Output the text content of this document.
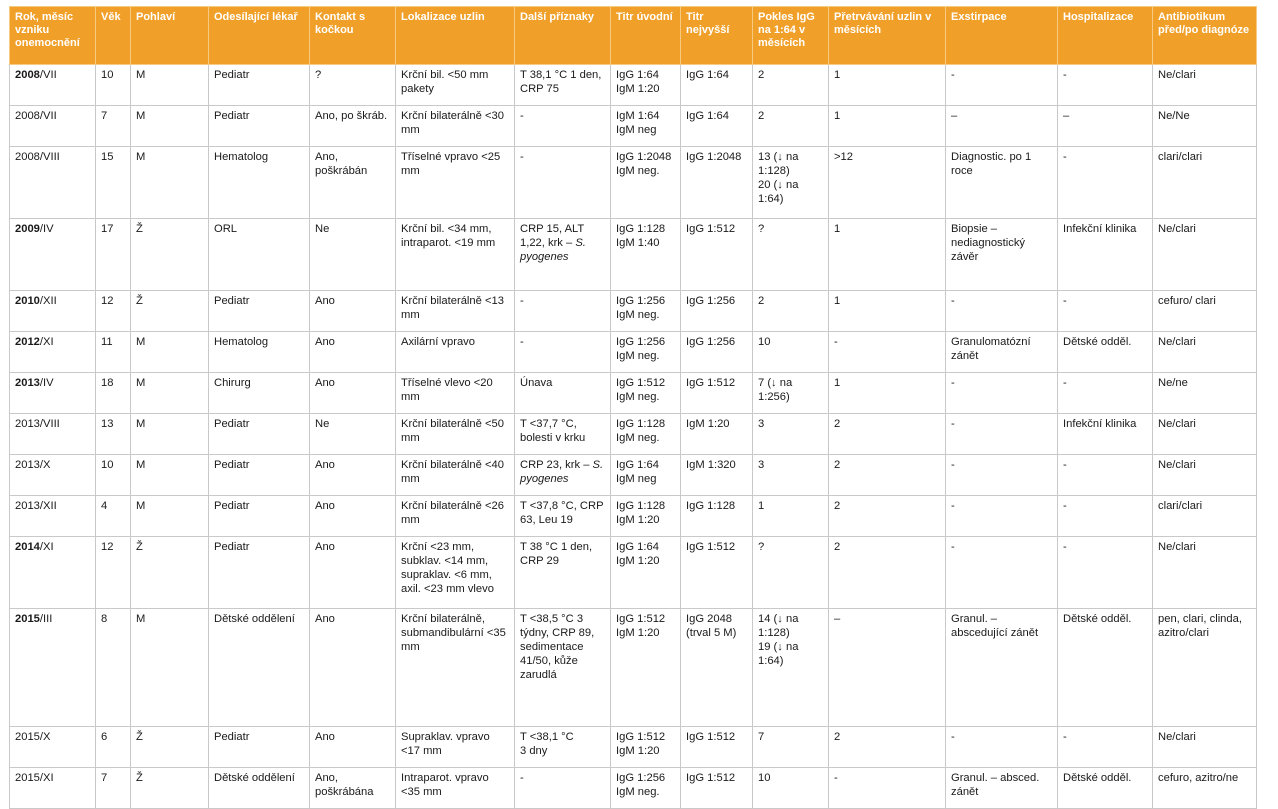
Rok, měsíc vzniku onemocnění	Věk	Pohlaví	Odesílající lékař	Kontakt s kočkou	Lokalizace uzlin	Další příznaky	Titr úvodní	Titr nejvyšší	Pokles IgG na 1:64 v měsících	Přetrvávání uzlin v měsících	Exstirpace	Hospitalizace	Antibiotikum před/po diagnóze
2008/VII	10	M	Pediatr	?	Krční bil. <50 mm pakety	T 38,1 °C 1 den, CRP 75	IgG 1:64
IgM 1:20	IgG 1:64	2	1	-	-	Ne/clari
2008/VII	7	M	Pediatr	Ano, po škráb.	Krční bilaterálně <30 mm	-	IgM 1:64
IgM neg	IgG 1:64	2	1	–	–	Ne/Ne
2008/VIII	15	M	Hematolog	Ano, poškrábán	Tříselné vpravo <25 mm	-	IgG 1:2048
IgM neg.	IgG 1:2048	13 (↓ na 1:128)
20 (↓ na 1:64)	>12	Diagnostic. po 1 roce	-	clari/clari
2009/IV	17	Ž	ORL	Ne	Krční bil. <34 mm,
intraparot. <19 mm	CRP 15, ALT 1,22, krk – S. pyogenes	IgG 1:128
IgM 1:40	IgG 1:512	?	1	Biopsie – nediagnostický závěr	Infekční klinika	Ne/clari
2010/XII	12	Ž	Pediatr	Ano	Krční bilaterálně <13 mm	-	IgG 1:256
IgM neg.	IgG 1:256	2	1	-	-	cefuro/ clari
2012/XI	11	M	Hematolog	Ano	Axilární vpravo	-	IgG 1:256
IgM neg.	IgG 1:256	10	-	Granulomatózní zánět	Dětské odděl.	Ne/clari
2013/IV	18	M	Chirurg	Ano	Tříselné vlevo <20 mm	Únava	IgG 1:512
IgM neg.	IgG 1:512	7 (↓ na 1:256)	1	-	-	Ne/ne
2013/VIII	13	M	Pediatr	Ne	Krční bilaterálně <50 mm	T <37,7 °C, bolesti v krku	IgG 1:128
IgM neg.	IgM 1:20	3	2	-	Infekční klinika	Ne/clari
2013/X	10	M	Pediatr	Ano	Krční bilaterálně <40 mm	CRP 23, krk – S. pyogenes	IgG 1:64
IgM neg	IgM 1:320	3	2	-	-	Ne/clari
2013/XII	4	M	Pediatr	Ano	Krční bilaterálně <26 mm	T <37,8 °C, CRP 63, Leu 19	IgG 1:128
IgM 1:20	IgG 1:128	1	2	-	-	clari/clari
2014/XI	12	Ž	Pediatr	Ano	Krční <23 mm,
subklav. <14 mm,
supraklav. <6 mm,
axil. <23 mm vlevo	T 38 °C 1 den, CRP 29	IgG 1:64
IgM 1:20	IgG 1:512	?	2	-	-	Ne/clari
2015/III	8	M	Dětské oddělení	Ano	Krční bilaterálně,
submandibulární <35 mm	T <38,5 °C 3 týdny, CRP 89, sedimentace 41/50, kůže zarudlá	IgG 1:512
IgM 1:20	IgG 2048
(trval 5 M)	14 (↓ na 1:128)
19 (↓ na 1:64)	–	Granul. – abscedující zánět	Dětské odděl.	pen, clari, clinda, azitro/clari
2015/X	6	Ž	Pediatr	Ano	Supraklav. vpravo <17 mm	T <38,1 °C
3 dny	IgG 1:512
IgM 1:20	IgG 1:512	7	2	-	-	Ne/clari
2015/XI	7	Ž	Dětské oddělení	Ano, poškrábána	Intraparot. vpravo <35 mm	-	IgG 1:256
IgM neg.	IgG 1:512	10	-	Granul. – absced. zánět	Dětské odděl.	cefuro, azitro/ne
